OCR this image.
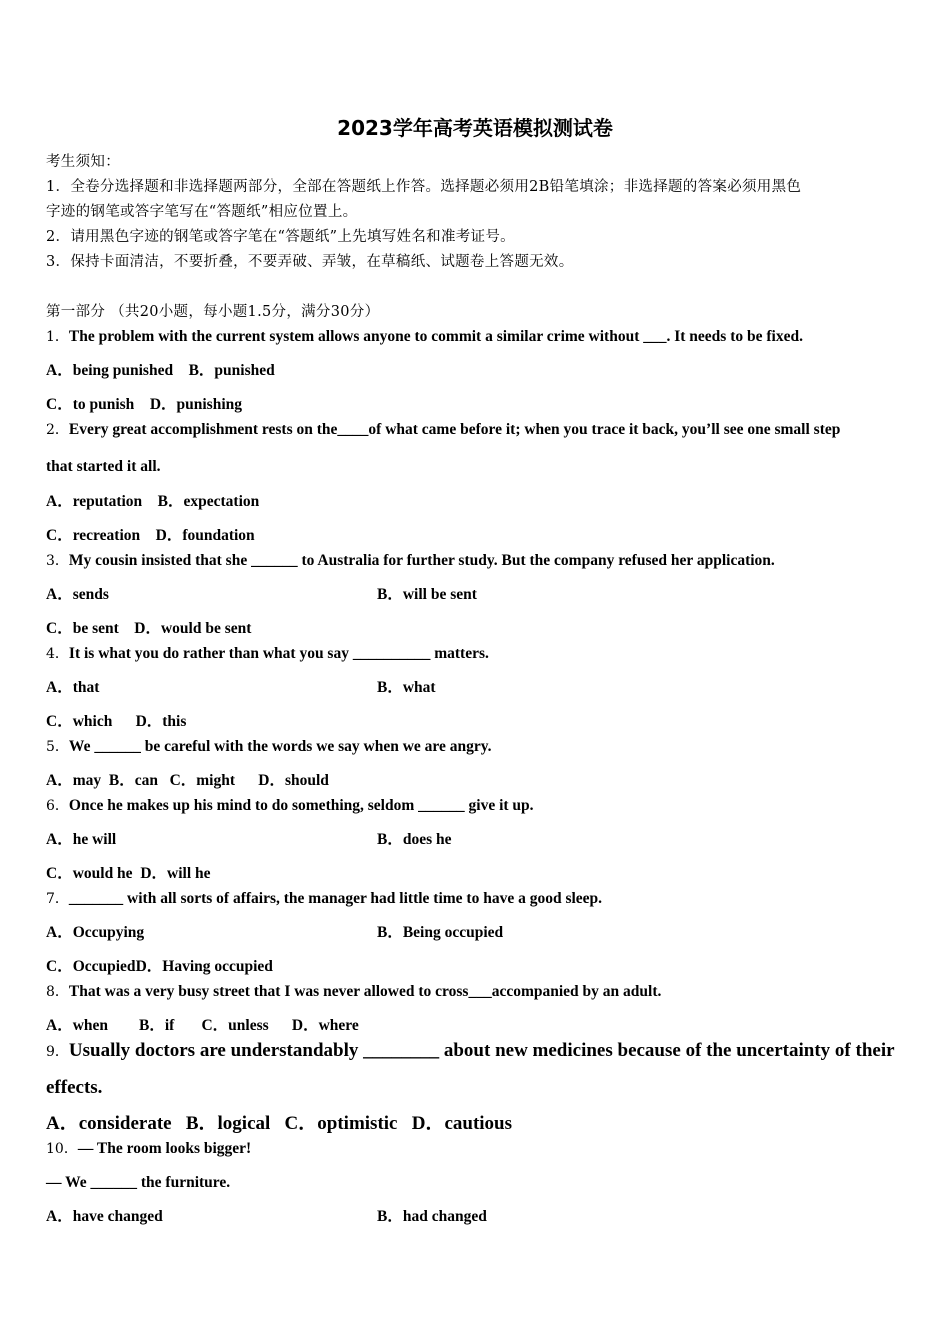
2023学年高考英语模拟测试卷
考生须知：
1．全卷分选择题和非选择题两部分，全部在答题纸上作答。选择题必须用2B铅笔填涂；非选择题的答案必须用黑色
字迹的钢笔或答字笔写在“答题纸”相应位置上。
2．请用黑色字迹的钢笔或答字笔在“答题纸”上先填写姓名和准考证号。
3．保持卡面清洁，不要折叠，不要弄破、弄皱，在草稿纸、试题卷上答题无效。
第一部分 （共20小题，每小题1.5分，满分30分）
1．The problem with the current system allows anyone to commit a similar crime without ___. It needs to be fixed.
A．being punished B．punished
C．to punish D．punishing
2．Every great accomplishment rests on the____of what came before it; when you trace it back, you’ll see one small step
that started it all.
A．reputation B．expectation
C．recreation D．foundation
3．My cousin insisted that she ______ to Australia for further study. But the company refused her application.
A．sends	B．will be sent
C．be sent D．would be sent
4．It is what you do rather than what you say __________ matters.
A．that	B．what
C．which D．this
5．We ______ be careful with the words we say when we are angry.
A．may B．can C．might D．should
6．Once he makes up his mind to do something, seldom ______ give it up.
A．he will	B．does he
C．would he D．will he
7．_______ with all sorts of affairs, the manager had little time to have a good sleep.
A．Occupying	B．Being occupied
C．OccupiedD．Having occupied
8．That was a very busy street that I was never allowed to cross___accompanied by an adult.
A．when B．if C．unless D．where
9．Usually doctors are understandably ________ about new medicines because of the uncertainty of their
effects.
A．considerate B．logical C．optimistic D．cautious
10．— The room looks bigger!
— We ______ the furniture.
A．have changed	B．had changed
